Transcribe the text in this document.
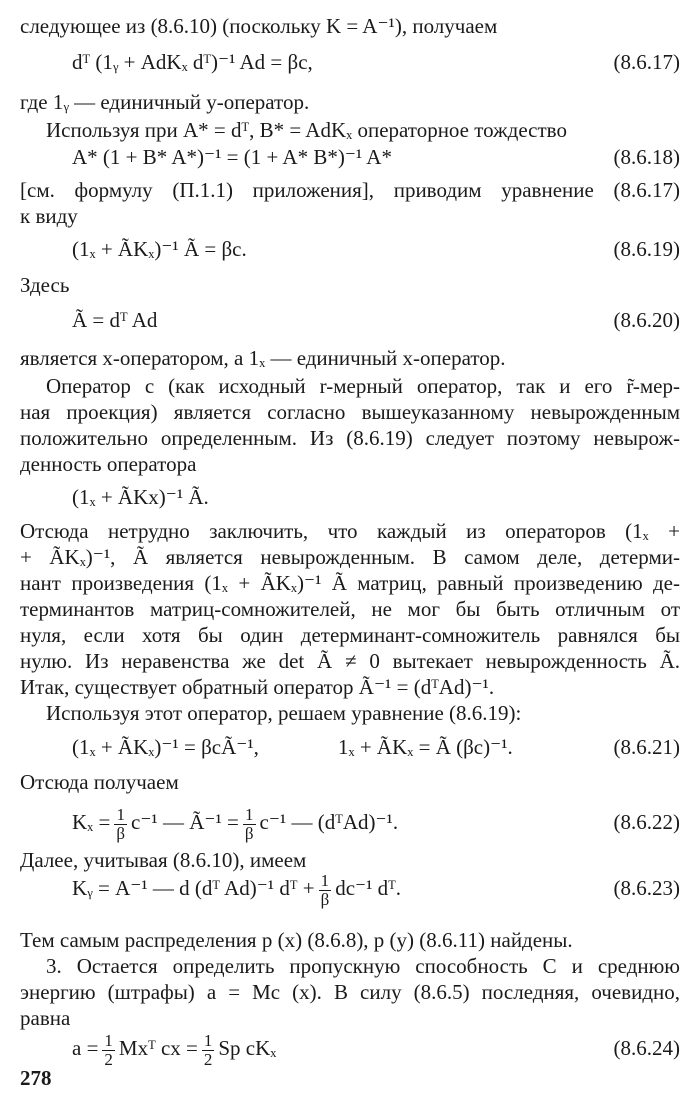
следующее из (8.6.10) (поскольку K = A⁻¹), получаем
dᵀ (1ᵧ + AdKₓ dᵀ)⁻¹ Ad = βc,	(8.6.17)
где 1ᵧ — единичный y-оператор.
Используя при A* = dᵀ, B* = AdKₓ операторное тождество
A* (1 + B* A*)⁻¹ = (1 + A* B*)⁻¹ A*	(8.6.18)
[см. формулу (П.1.1) приложения], приводим уравнение (8.6.17)
к виду
(1ₓ + ÃKₓ)⁻¹ Ã = βc.	(8.6.19)
Здесь
Ã = dᵀ Ad	(8.6.20)
является x-оператором, а 1ₓ — единичный x-оператор.
Оператор c (как исходный r-мерный оператор, так и его r̃-мер-
ная проекция) является согласно вышеуказанному невырожденным
положительно определенным. Из (8.6.19) следует поэтому невырож-
денность оператора
(1ₓ + ÃKx)⁻¹ Ã.
Отсюда нетрудно заключить, что каждый из операторов (1ₓ +
+ ÃKₓ)⁻¹, Ã является невырожденным. В самом деле, детерми-
нант произведения (1ₓ + ÃKₓ)⁻¹ Ã матриц, равный произведению де-
терминантов матриц-сомножителей, не мог бы быть отличным от
нуля, если хотя бы один детерминант-сомножитель равнялся бы
нулю. Из неравенства же det Ã ≠ 0 вытекает невырожденность Ã.
Итак, существует обратный оператор Ã⁻¹ = (dᵀAd)⁻¹.
Используя этот оператор, решаем уравнение (8.6.19):
(1ₓ + ÃKₓ)⁻¹ = βcÃ⁻¹,	1ₓ + ÃKₓ = Ã (βc)⁻¹.	(8.6.21)
Отсюда получаем
$K_x = \frac{1}{\beta} c^{-1}$ — Ã⁻¹ = $\frac{1}{\beta} c^{-1}$ — (dᵀAd)⁻¹.	(8.6.22)
Далее, учитывая (8.6.10), имеем
Kᵧ = A⁻¹ — d (dᵀ Ad)⁻¹ dᵀ + $\frac{1}{\beta} dc^{-1}$ dᵀ.	(8.6.23)
Тем самым распределения p (x) (8.6.8), p (y) (8.6.11) найдены.
3. Остается определить пропускную способность C и среднюю
энергию (штрафы) a = Mc (x). В силу (8.6.5) последняя, очевидно,
равна
$a = \frac{1}{2}$ Mxᵀ cx = $\frac{1}{2}$ Sp cKₓ	(8.6.24)
278
